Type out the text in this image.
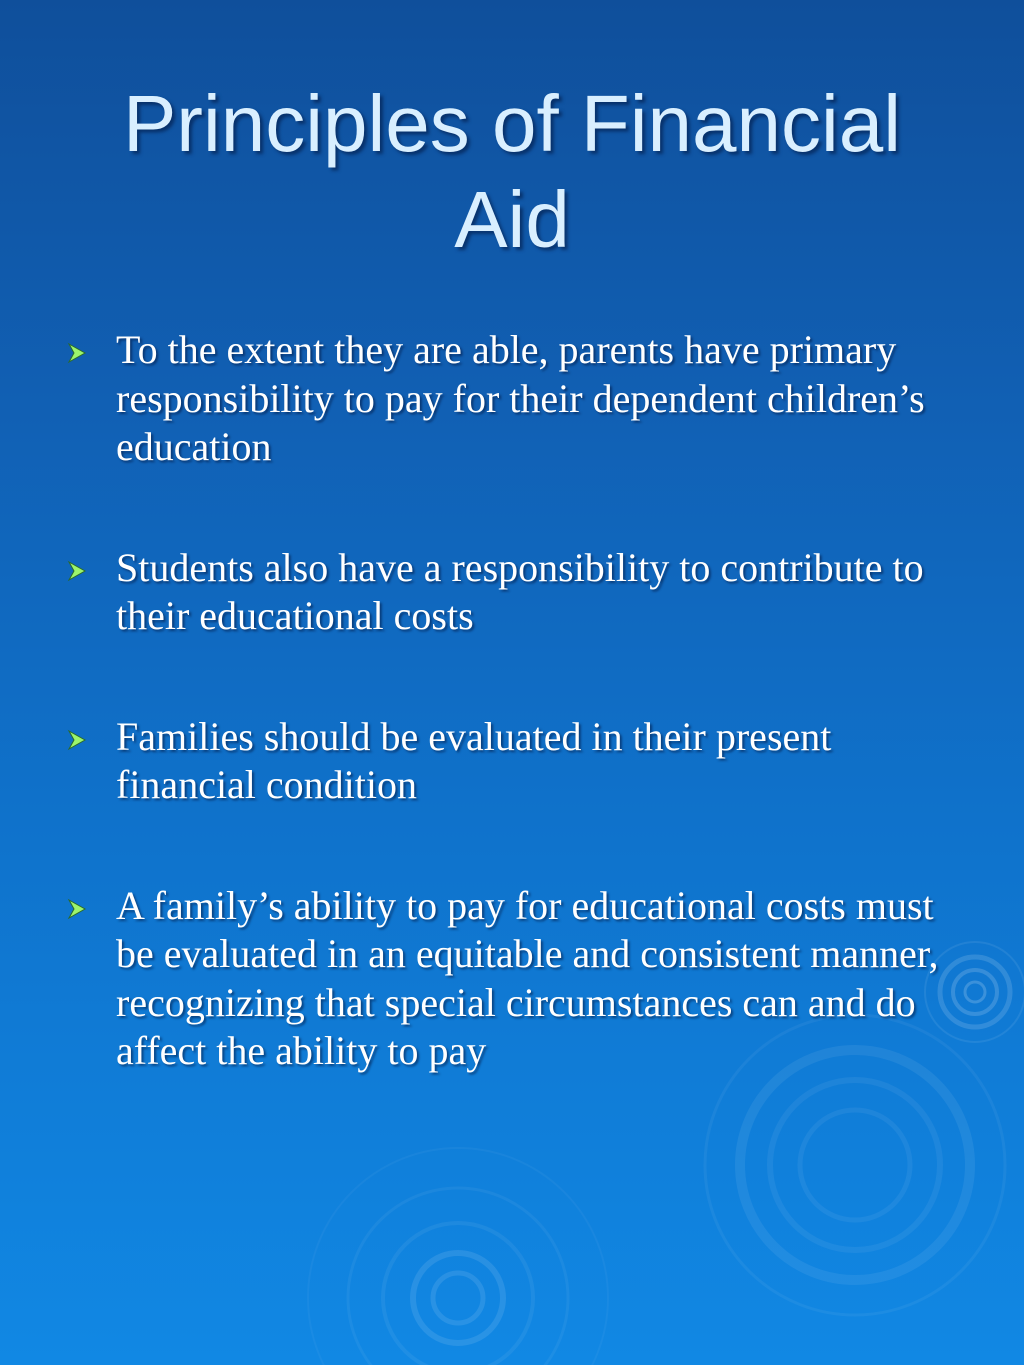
Principles of Financial Aid
To the extent they are able, parents have primary responsibility to pay for their dependent children’s education
Students also have a responsibility to contribute to their educational costs
Families should be evaluated in their present financial condition
A family’s ability to pay for educational costs must be evaluated in an equitable and consistent manner, recognizing that special circumstances can and do affect the ability to pay
